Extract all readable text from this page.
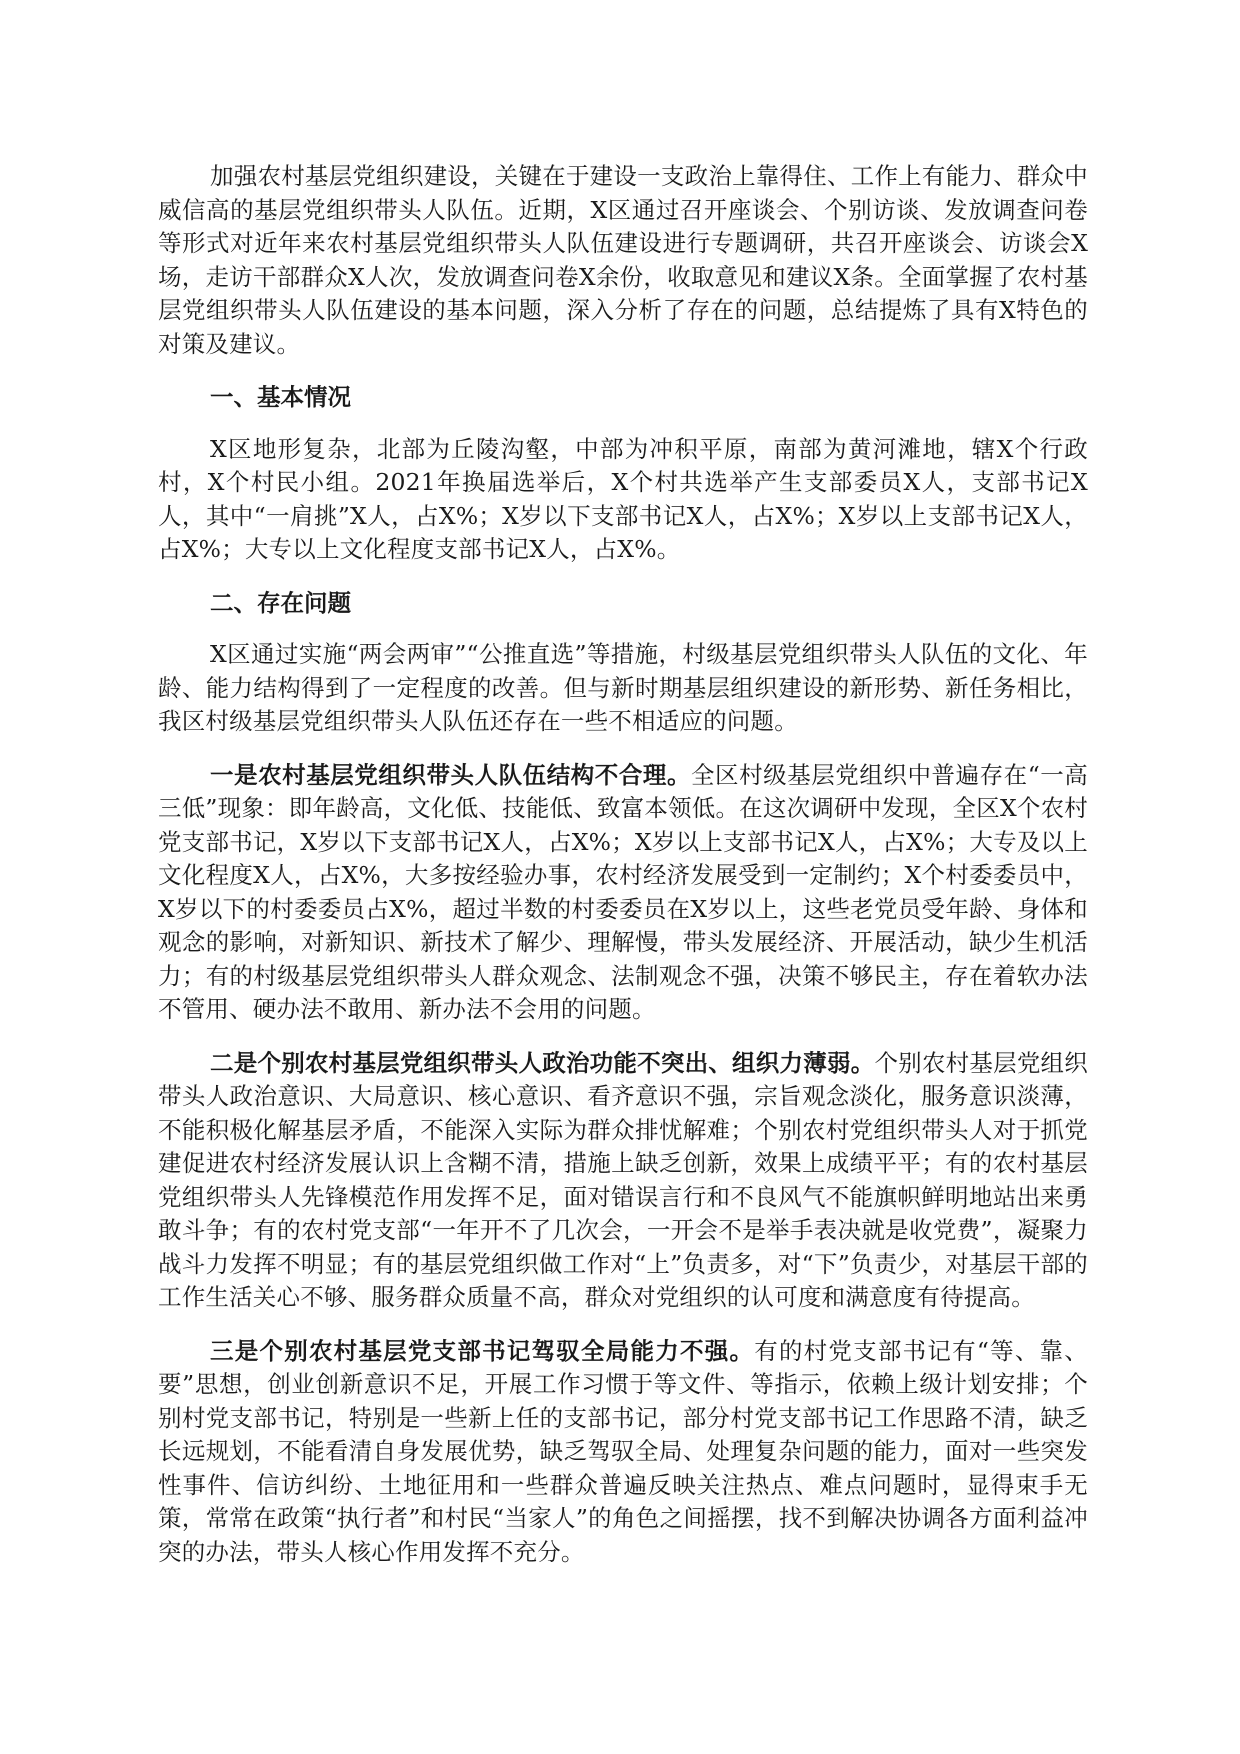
加强农村基层党组织建设，关键在于建设一支政治上靠得住、工作上有能力、群众中威信高的基层党组织带头人队伍。近期，X区通过召开座谈会、个别访谈、发放调查问卷等形式对近年来农村基层党组织带头人队伍建设进行专题调研，共召开座谈会、访谈会X场，走访干部群众X人次，发放调查问卷X余份，收取意见和建议X条。全面掌握了农村基层党组织带头人队伍建设的基本问题，深入分析了存在的问题，总结提炼了具有X特色的对策及建议。

一、基本情况

X区地形复杂，北部为丘陵沟壑，中部为冲积平原，南部为黄河滩地，辖X个行政村，X个村民小组。2021年换届选举后，X个村共选举产生支部委员X人，支部书记X人，其中“一肩挑”X人，占X%；X岁以下支部书记X人，占X%；X岁以上支部书记X人，占X%；大专以上文化程度支部书记X人，占X%。

二、存在问题

X区通过实施“两会两审”“公推直选”等措施，村级基层党组织带头人队伍的文化、年龄、能力结构得到了一定程度的改善。但与新时期基层组织建设的新形势、新任务相比，我区村级基层党组织带头人队伍还存在一些不相适应的问题。

一是农村基层党组织带头人队伍结构不合理。全区村级基层党组织中普遍存在“一高三低”现象：即年龄高，文化低、技能低、致富本领低。在这次调研中发现，全区X个农村党支部书记，X岁以下支部书记X人，占X%；X岁以上支部书记X人，占X%；大专及以上文化程度X人，占X%，大多按经验办事，农村经济发展受到一定制约；X个村委委员中，X岁以下的村委委员占X%，超过半数的村委委员在X岁以上，这些老党员受年龄、身体和观念的影响，对新知识、新技术了解少、理解慢，带头发展经济、开展活动，缺少生机活力；有的村级基层党组织带头人群众观念、法制观念不强，决策不够民主，存在着软办法不管用、硬办法不敢用、新办法不会用的问题。

二是个别农村基层党组织带头人政治功能不突出、组织力薄弱。个别农村基层党组织带头人政治意识、大局意识、核心意识、看齐意识不强，宗旨观念淡化，服务意识淡薄，不能积极化解基层矛盾，不能深入实际为群众排忧解难；个别农村党组织带头人对于抓党建促进农村经济发展认识上含糊不清，措施上缺乏创新，效果上成绩平平；有的农村基层党组织带头人先锋模范作用发挥不足，面对错误言行和不良风气不能旗帜鲜明地站出来勇敢斗争；有的农村党支部“一年开不了几次会，一开会不是举手表决就是收党费”，凝聚力战斗力发挥不明显；有的基层党组织做工作对“上”负责多，对“下”负责少，对基层干部的工作生活关心不够、服务群众质量不高，群众对党组织的认可度和满意度有待提高。

三是个别农村基层党支部书记驾驭全局能力不强。有的村党支部书记有“等、靠、要”思想，创业创新意识不足，开展工作习惯于等文件、等指示，依赖上级计划安排；个别村党支部书记，特别是一些新上任的支部书记，部分村党支部书记工作思路不清，缺乏长远规划，不能看清自身发展优势，缺乏驾驭全局、处理复杂问题的能力，面对一些突发性事件、信访纠纷、土地征用和一些群众普遍反映关注热点、难点问题时，显得束手无策，常常在政策“执行者”和村民“当家人”的角色之间摇摆，找不到解决协调各方面利益冲突的办法，带头人核心作用发挥不充分。
